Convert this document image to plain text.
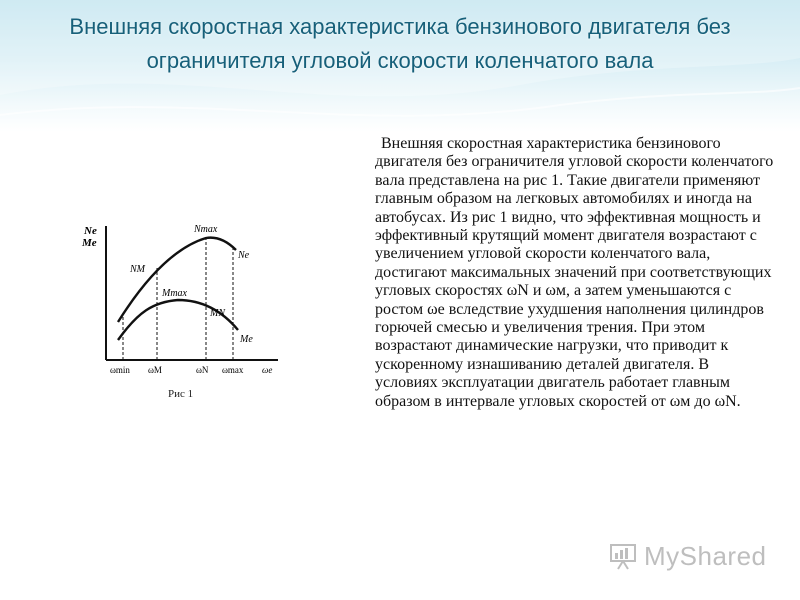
Внешняя скоростная характеристика бензинового двигателя без ограничителя угловой скорости коленчатого вала
Внешняя скоростная характеристика бензинового двигателя без ограничителя угловой скорости коленчатого вала представлена на рис 1. Такие двигатели применяют главным образом на легковых автомобилях и иногда на автобусах. Из рис 1 видно, что эффективная мощность и эффективный крутящий момент двигателя возрастают с увеличением угловой скорости коленчатого вала, достигают максимальных значений при соответствующих угловых скоростях ωN и ωм, а затем уменьшаются с ростом ωe вследствие ухудшения наполнения цилиндров горючей смесью и увеличения трения. При этом возрастают динамические нагрузки, что приводит к ускоренному изнашиванию деталей двигателя. В условиях эксплуатации двигатель работает главным образом в интервале угловых скоростей от ωм до ωN.
Ne
Me
Nmax
Ne
NM
Mmax
MN
Me
ωmin ωM	ωN ωmax ωe
Рис 1
MyShared
